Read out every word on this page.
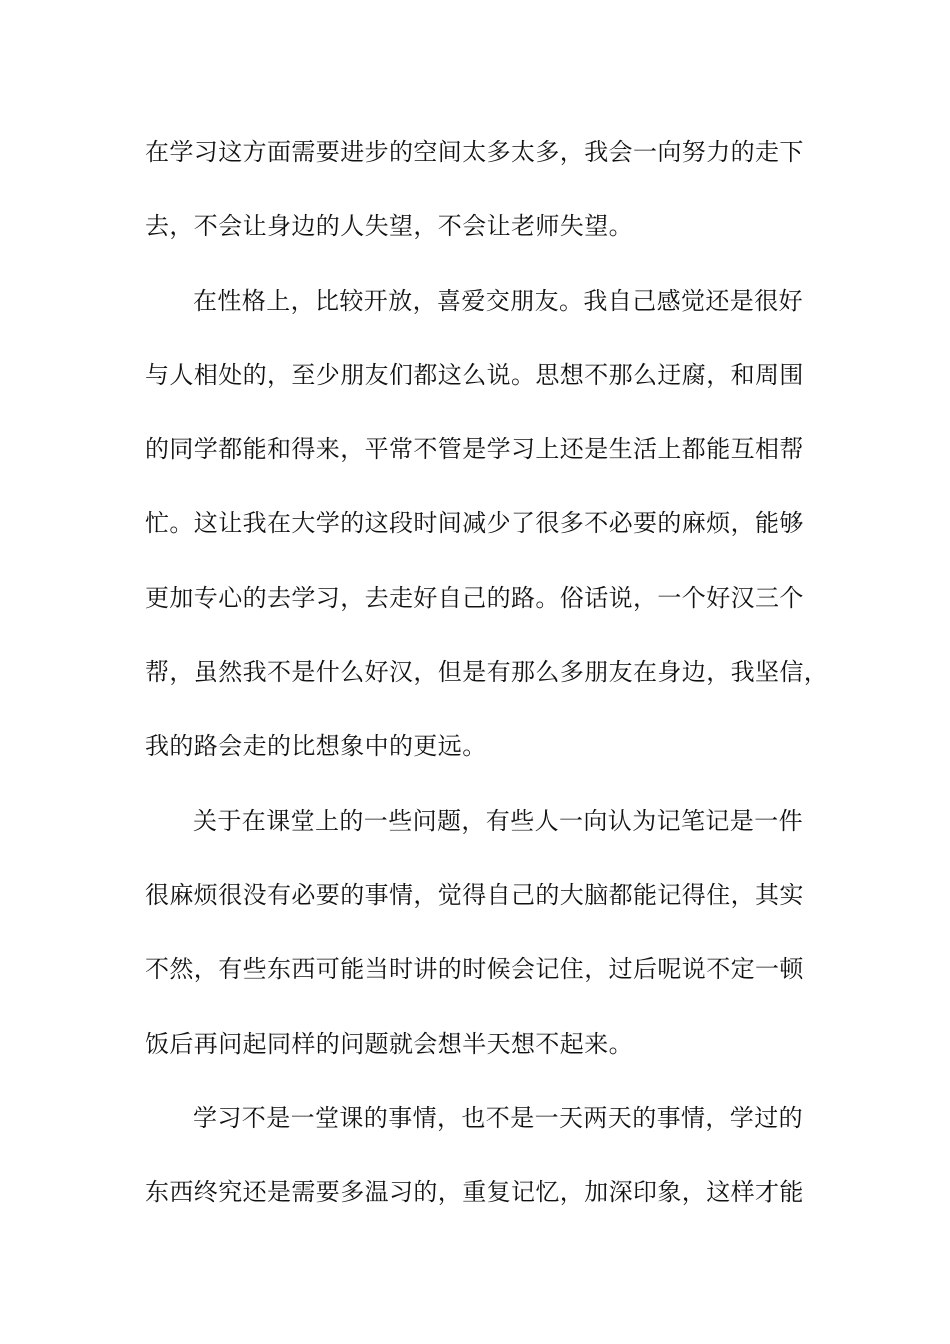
在学习这方面需要进步的空间太多太多，我会一向努力的走下
去，不会让身边的人失望，不会让老师失望。
在性格上，比较开放，喜爱交朋友。我自己感觉还是很好
与人相处的，至少朋友们都这么说。思想不那么迂腐，和周围
的同学都能和得来，平常不管是学习上还是生活上都能互相帮
忙。这让我在大学的这段时间减少了很多不必要的麻烦，能够
更加专心的去学习，去走好自己的路。俗话说，一个好汉三个
帮，虽然我不是什么好汉，但是有那么多朋友在身边，我坚信，
我的路会走的比想象中的更远。
关于在课堂上的一些问题，有些人一向认为记笔记是一件
很麻烦很没有必要的事情，觉得自己的大脑都能记得住，其实
不然，有些东西可能当时讲的时候会记住，过后呢说不定一顿
饭后再问起同样的问题就会想半天想不起来。
学习不是一堂课的事情，也不是一天两天的事情，学过的
东西终究还是需要多温习的，重复记忆，加深印象，这样才能
